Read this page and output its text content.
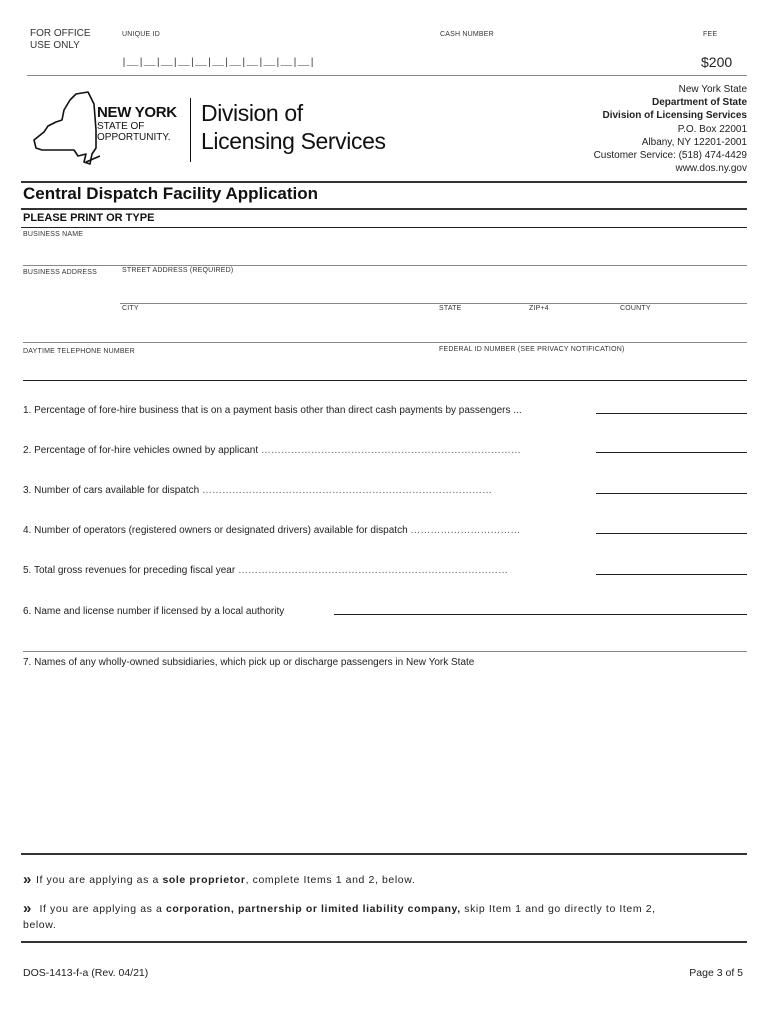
FOR OFFICE
USE ONLY
UNIQUE ID
|__|__|__|__|__|__|__|__|__|__|__|
CASH NUMBER	FEE
$200
NEW YORK
STATE OF
OPPORTUNITY.
Division of
Licensing Services
New York State
Department of State
Division of Licensing Services
P.O. Box 22001
Albany, NY 12201-2001
Customer Service: (518) 474-4429
www.dos.ny.gov
Central Dispatch Facility Application
PLEASE PRINT OR TYPE
BUSINESS NAME
BUSINESS ADDRESS	STREET ADDRESS (REQUIRED)
CITY	STATE	ZIP+4	COUNTY
DAYTIME TELEPHONE NUMBER	FEDERAL ID NUMBER (SEE PRIVACY NOTIFICATION)
1. Percentage of fore-hire business that is on a payment basis other than direct cash payments by passengers ...
2. Percentage of for-hire vehicles owned by applicant ……………………………………………………………………
3. Number of cars available for dispatch ……………………………………………………………………………
4. Number of operators (registered owners or designated drivers) available for dispatch ……………………………
5. Total gross revenues for preceding fiscal year ………………………………………………………………………
6. Name and license number if licensed by a local authority
7. Names of any wholly-owned subsidiaries, which pick up or discharge passengers in New York State
» If you are applying as a sole proprietor, complete Items 1 and 2, below.
» If you are applying as a corporation, partnership or limited liability company, skip Item 1 and go directly to Item 2,
below.
DOS-1413-f-a (Rev. 04/21)	Page 3 of 5
